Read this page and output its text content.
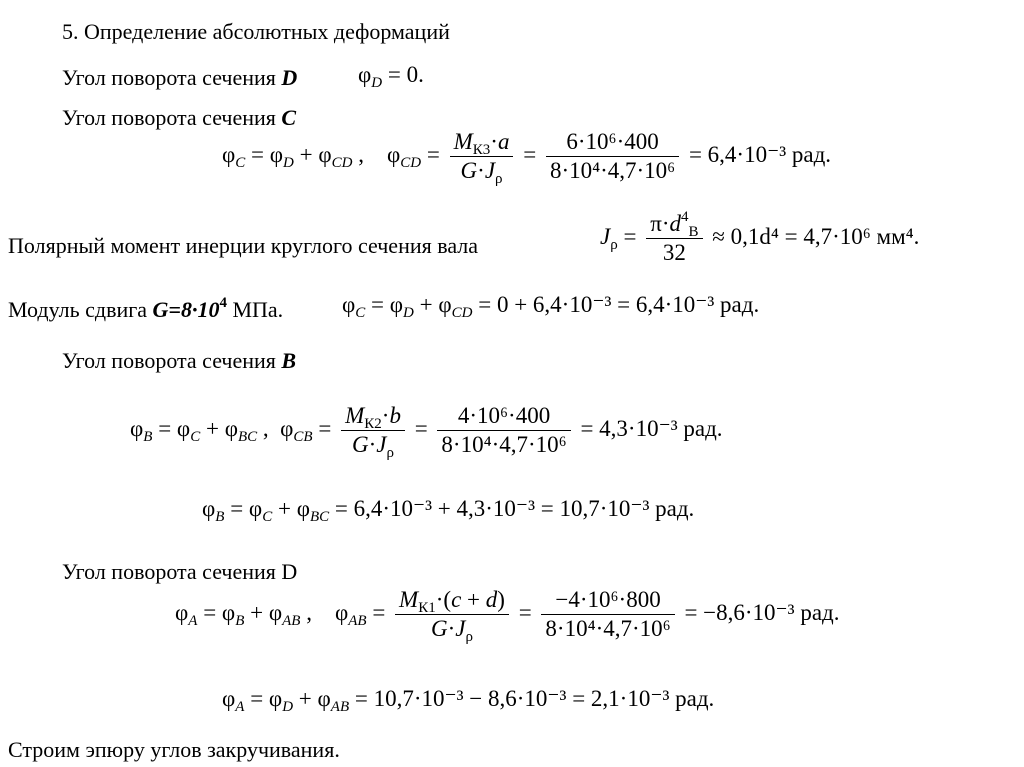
5. Определение абсолютных деформаций
Угол поворота сечения D	$\varphi_D = 0$.
Угол поворота сечения C
$\varphi_C = \varphi_D + \varphi_{CD}$ ,    $\varphi_{CD}$ =
$M_{К3}\cdot a$
$G\cdot J_\rho$
= $\frac{\text{6·10⁶·400}}{\text{8·10⁴·4,7·10⁶}} = 6,4\cdot 10^{-3}$ рад.
Полярный момент инерции круглого сечения вала	$J_\rho$ =
$\pi\cdot d^4_В$
32
≈ 0,1d⁴ = 4,7·10⁶ мм⁴.
Модуль сдвига $G=8\cdot 10^4$ МПа.	$\varphi_C = \varphi_D + \varphi_{CD} = 0 + 6,4\cdot 10^{-3} = 6,4\cdot 10^{-3}$ рад.
Угол поворота сечения B
$\varphi_B = \varphi_C + \varphi_{BC}$ ,  $\varphi_{CB}$ =
$M_{К2}\cdot b$
$G\cdot J_\rho$
= $\frac{\text{4·10⁶·400}}{\text{8·10⁴·4,7·10⁶}} = 4,3\cdot 10^{-3}$ рад.
$\varphi_B = \varphi_C + \varphi_{BC} = 6,4\cdot 10^{-3} + 4,3\cdot 10^{-3} = 10,7\cdot 10^{-3}$ рад.
Угол поворота сечения D
$\varphi_A = \varphi_B + \varphi_{AB}$ ,    $\varphi_{AB}$ =
$M_{К1}\cdot(c + d)$
$G\cdot J_\rho$
= $\frac{\text{−4·10⁶·800}}{\text{8·10⁴·4,7·10⁶}} = -8,6\cdot 10^{-3}$ рад.
$\varphi_A = \varphi_D + \varphi_{AB} = 10,7\cdot 10^{-3} - 8,6\cdot 10^{-3} = 2,1\cdot 10^{-3}$ рад.
Строим эпюру углов закручивания.
